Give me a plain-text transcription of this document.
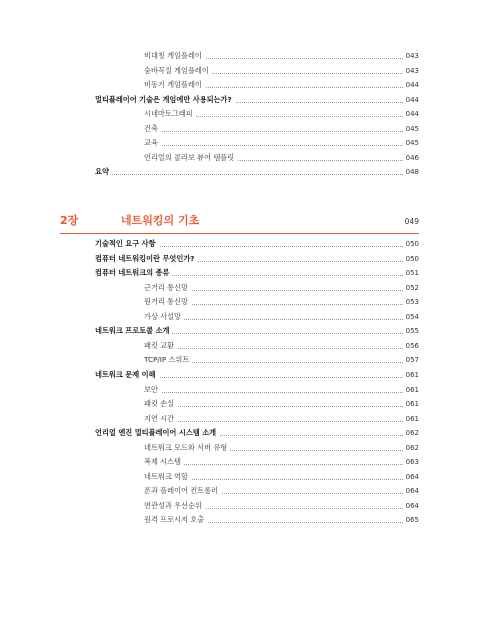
비대칭 게임플레이	043
숨바꼭질 게임플레이	043
비동기 게임플레이	044
멀티플레이어 기술은 게임에만 사용되는가?	044
시네마토그래피	044
건축	045
교육	045
언리얼의 콜라보 뷰어 템플릿	046
요약	048
2장	네트워킹의 기초	049
기술적인 요구 사항	050
컴퓨터 네트워킹이란 무엇인가?	050
컴퓨터 네트워크의 종류	051
근거리 통신망	052
원거리 통신망	053
가상 사설망	054
네트워크 프로토콜 소개	055
패킷 교환	056
TCP/IP 스위트	057
네트워크 문제 이해	061
보안	061
패킷 손실	061
지연 시간	061
언리얼 엔진 멀티플레이어 시스템 소개	062
네트워크 모드와 서버 유형	062
복제 시스템	063
네트워크 역할	064
폰과 플레이어 컨트롤러	064
연관성과 우선순위	064
원격 프로시저 호출	065
